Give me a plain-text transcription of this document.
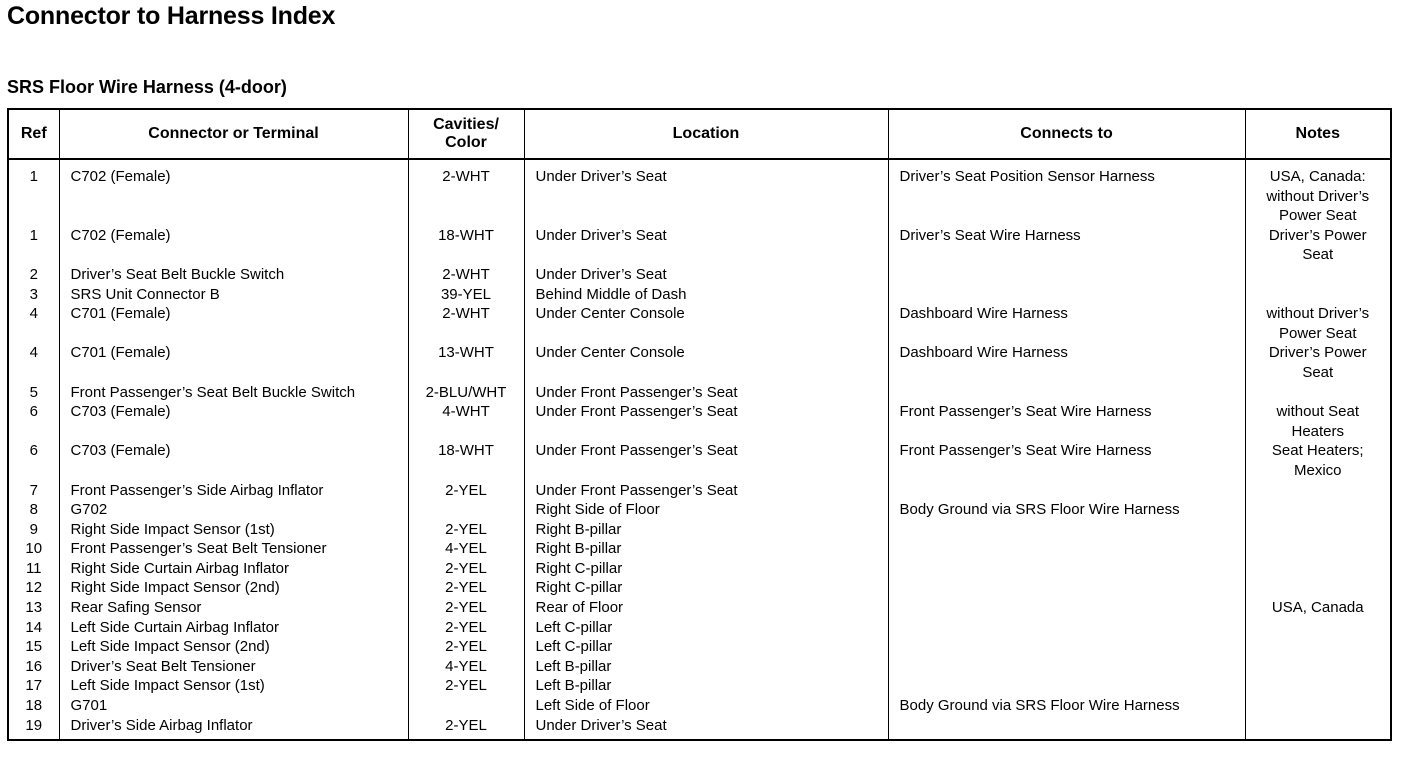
Connector to Harness Index
SRS Floor Wire Harness (4-door)
Ref	Connector or Terminal	Cavities/ Color	Location	Connects to	Notes
1	C702 (Female)	2-WHT	Under Driver’s Seat	Driver’s Seat Position Sensor Harness	USA, Canada: without Driver’s Power Seat
1	C702 (Female)	18-WHT	Under Driver’s Seat	Driver’s Seat Wire Harness	Driver’s Power Seat
2	Driver’s Seat Belt Buckle Switch	2-WHT	Under Driver’s Seat		
3	SRS Unit Connector B	39-YEL	Behind Middle of Dash		
4	C701 (Female)	2-WHT	Under Center Console	Dashboard Wire Harness	without Driver’s Power Seat
4	C701 (Female)	13-WHT	Under Center Console	Dashboard Wire Harness	Driver’s Power Seat
5	Front Passenger’s Seat Belt Buckle Switch	2-BLU/WHT	Under Front Passenger’s Seat		
6	C703 (Female)	4-WHT	Under Front Passenger’s Seat	Front Passenger’s Seat Wire Harness	without Seat Heaters
6	C703 (Female)	18-WHT	Under Front Passenger’s Seat	Front Passenger’s Seat Wire Harness	Seat Heaters; Mexico
7	Front Passenger’s Side Airbag Inflator	2-YEL	Under Front Passenger’s Seat		
8	G702		Right Side of Floor	Body Ground via SRS Floor Wire Harness	
9	Right Side Impact Sensor (1st)	2-YEL	Right B-pillar		
10	Front Passenger’s Seat Belt Tensioner	4-YEL	Right B-pillar		
11	Right Side Curtain Airbag Inflator	2-YEL	Right C-pillar		
12	Right Side Impact Sensor (2nd)	2-YEL	Right C-pillar		
13	Rear Safing Sensor	2-YEL	Rear of Floor		USA, Canada
14	Left Side Curtain Airbag Inflator	2-YEL	Left C-pillar		
15	Left Side Impact Sensor (2nd)	2-YEL	Left C-pillar		
16	Driver’s Seat Belt Tensioner	4-YEL	Left B-pillar		
17	Left Side Impact Sensor (1st)	2-YEL	Left B-pillar		
18	G701		Left Side of Floor	Body Ground via SRS Floor Wire Harness	
19	Driver’s Side Airbag Inflator	2-YEL	Under Driver’s Seat		
